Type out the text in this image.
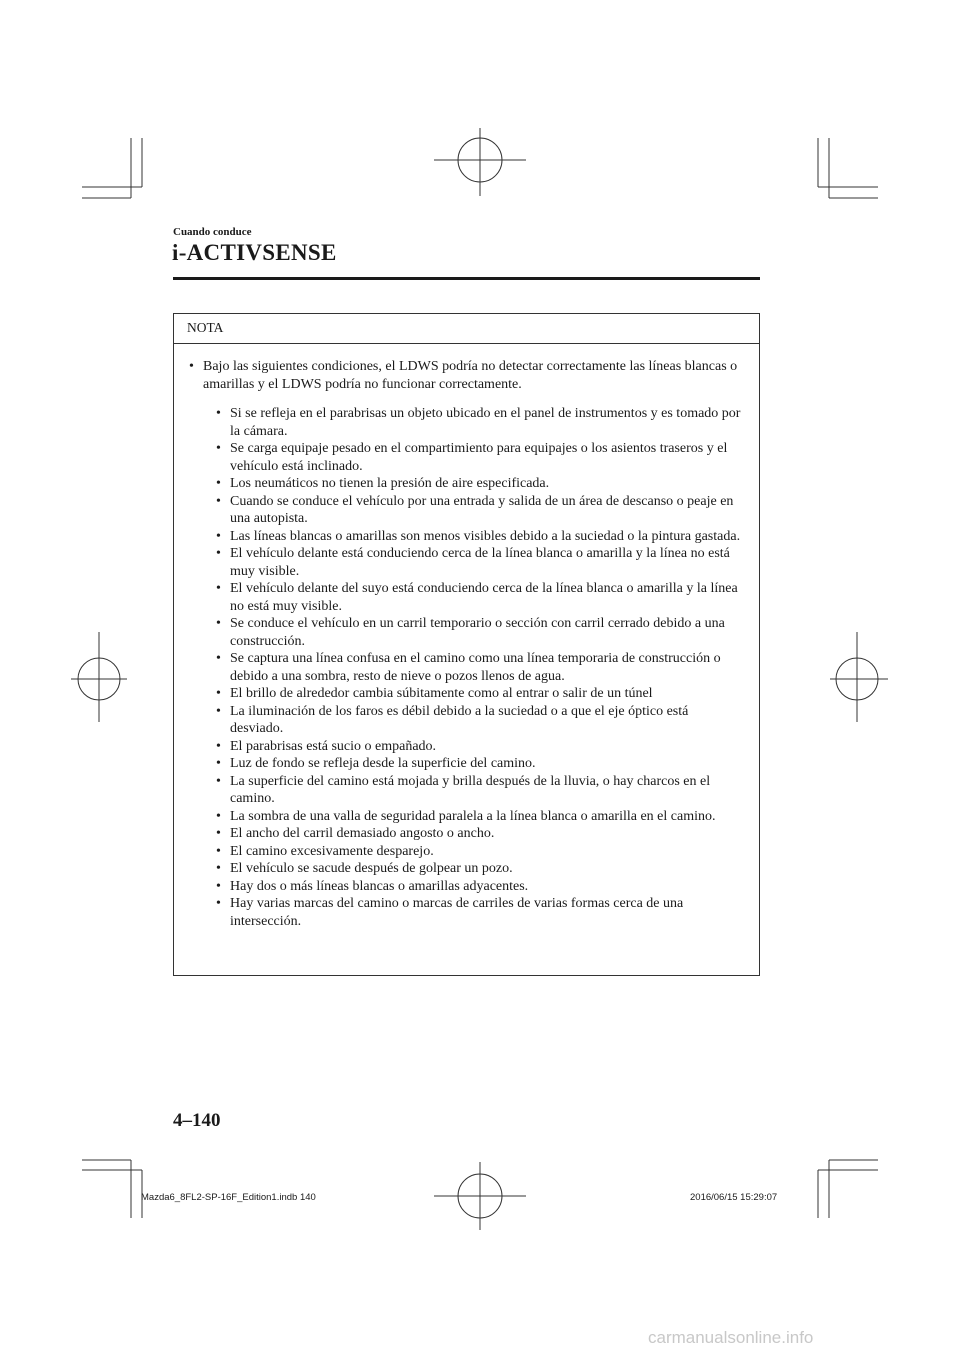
Cuando conduce
i-ACTIVSENSE
NOTA
• Bajo las siguientes condiciones, el LDWS podría no detectar correctamente las líneas blancas o amarillas y el LDWS podría no funcionar correctamente.
• Si se refleja en el parabrisas un objeto ubicado en el panel de instrumentos y es tomado por la cámara.
• Se carga equipaje pesado en el compartimiento para equipajes o los asientos traseros y el vehículo está inclinado.
• Los neumáticos no tienen la presión de aire especificada.
• Cuando se conduce el vehículo por una entrada y salida de un área de descanso o peaje en una autopista.
• Las líneas blancas o amarillas son menos visibles debido a la suciedad o la pintura gastada.
• El vehículo delante está conduciendo cerca de la línea blanca o amarilla y la línea no está muy visible.
• El vehículo delante del suyo está conduciendo cerca de la línea blanca o amarilla y la línea no está muy visible.
• Se conduce el vehículo en un carril temporario o sección con carril cerrado debido a una construcción.
• Se captura una línea confusa en el camino como una línea temporaria de construcción o debido a una sombra, resto de nieve o pozos llenos de agua.
• El brillo de alrededor cambia súbitamente como al entrar o salir de un túnel
• La iluminación de los faros es débil debido a la suciedad o a que el eje óptico está desviado.
• El parabrisas está sucio o empañado.
• Luz de fondo se refleja desde la superficie del camino.
• La superficie del camino está mojada y brilla después de la lluvia, o hay charcos en el camino.
• La sombra de una valla de seguridad paralela a la línea blanca o amarilla en el camino.
• El ancho del carril demasiado angosto o ancho.
• El camino excesivamente desparejo.
• El vehículo se sacude después de golpear un pozo.
• Hay dos o más líneas blancas o amarillas adyacentes.
• Hay varias marcas del camino o marcas de carriles de varias formas cerca de una intersección.
4–140
Mazda6_8FL2-SP-16F_Edition1.indb 140	2016/06/15 15:29:07
carmanualsonline.info
